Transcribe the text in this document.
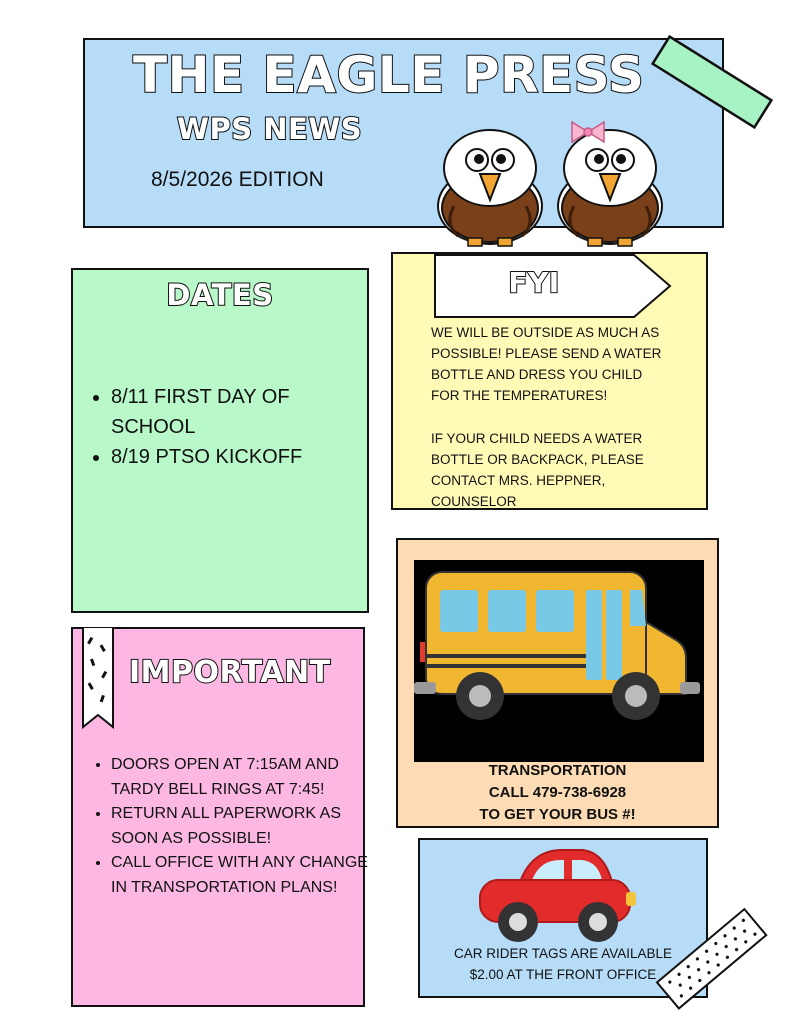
THE EAGLE PRESS
WPS NEWS
8/5/2026 EDITION
DATES
• 8/11 FIRST DAY OF SCHOOL
• 8/19 PTSO KICKOFF
FYI
WE WILL BE OUTSIDE AS MUCH AS POSSIBLE! PLEASE SEND A WATER BOTTLE AND DRESS YOU CHILD FOR THE TEMPERATURES!
IF YOUR CHILD NEEDS A WATER BOTTLE OR BACKPACK, PLEASE CONTACT MRS. HEPPNER, COUNSELOR
TRANSPORTATION
CALL 479-738-6928
TO GET YOUR BUS #!
IMPORTANT
• DOORS OPEN AT 7:15AM AND TARDY BELL RINGS AT 7:45!
• RETURN ALL PAPERWORK AS SOON AS POSSIBLE!
• CALL OFFICE WITH ANY CHANGE IN TRANSPORTATION PLANS!
CAR RIDER TAGS ARE AVAILABLE
$2.00 AT THE FRONT OFFICE
